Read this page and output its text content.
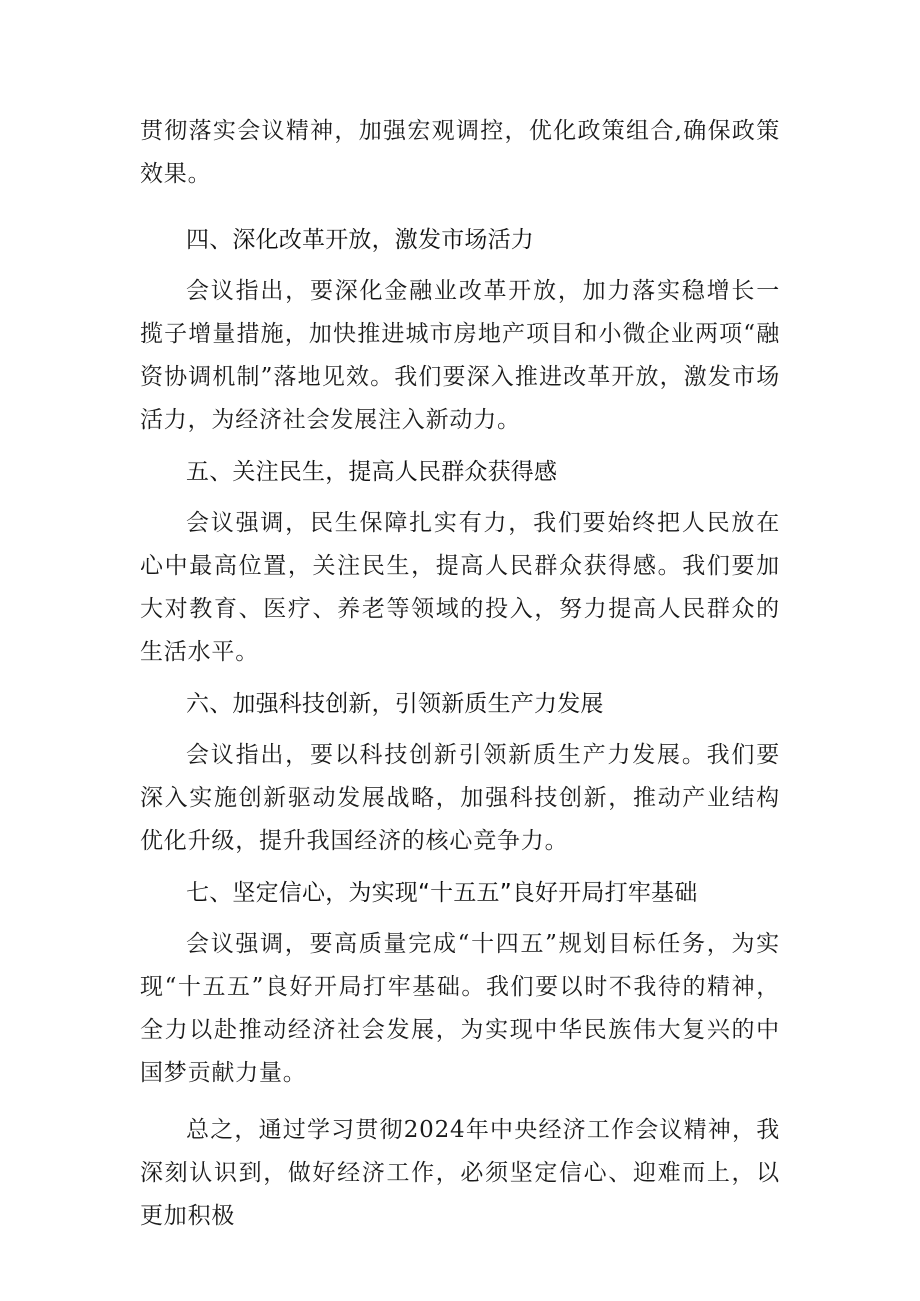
贯彻落实会议精神，加强宏观调控，优化政策组合,确保政策效果。

四、深化改革开放，激发市场活力

会议指出，要深化金融业改革开放，加力落实稳增长一揽子增量措施，加快推进城市房地产项目和小微企业两项“融资协调机制”落地见效。我们要深入推进改革开放，激发市场活力，为经济社会发展注入新动力。

五、关注民生，提高人民群众获得感

会议强调，民生保障扎实有力，我们要始终把人民放在心中最高位置，关注民生，提高人民群众获得感。我们要加大对教育、医疗、养老等领域的投入，努力提高人民群众的生活水平。

六、加强科技创新，引领新质生产力发展

会议指出，要以科技创新引领新质生产力发展。我们要深入实施创新驱动发展战略，加强科技创新，推动产业结构优化升级，提升我国经济的核心竞争力。

七、坚定信心，为实现“十五五”良好开局打牢基础

会议强调，要高质量完成“十四五”规划目标任务，为实现“十五五”良好开局打牢基础。我们要以时不我待的精神，全力以赴推动经济社会发展，为实现中华民族伟大复兴的中国梦贡献力量。

总之，通过学习贯彻2024年中央经济工作会议精神，我深刻认识到，做好经济工作，必须坚定信心、迎难而上，以更加积极
